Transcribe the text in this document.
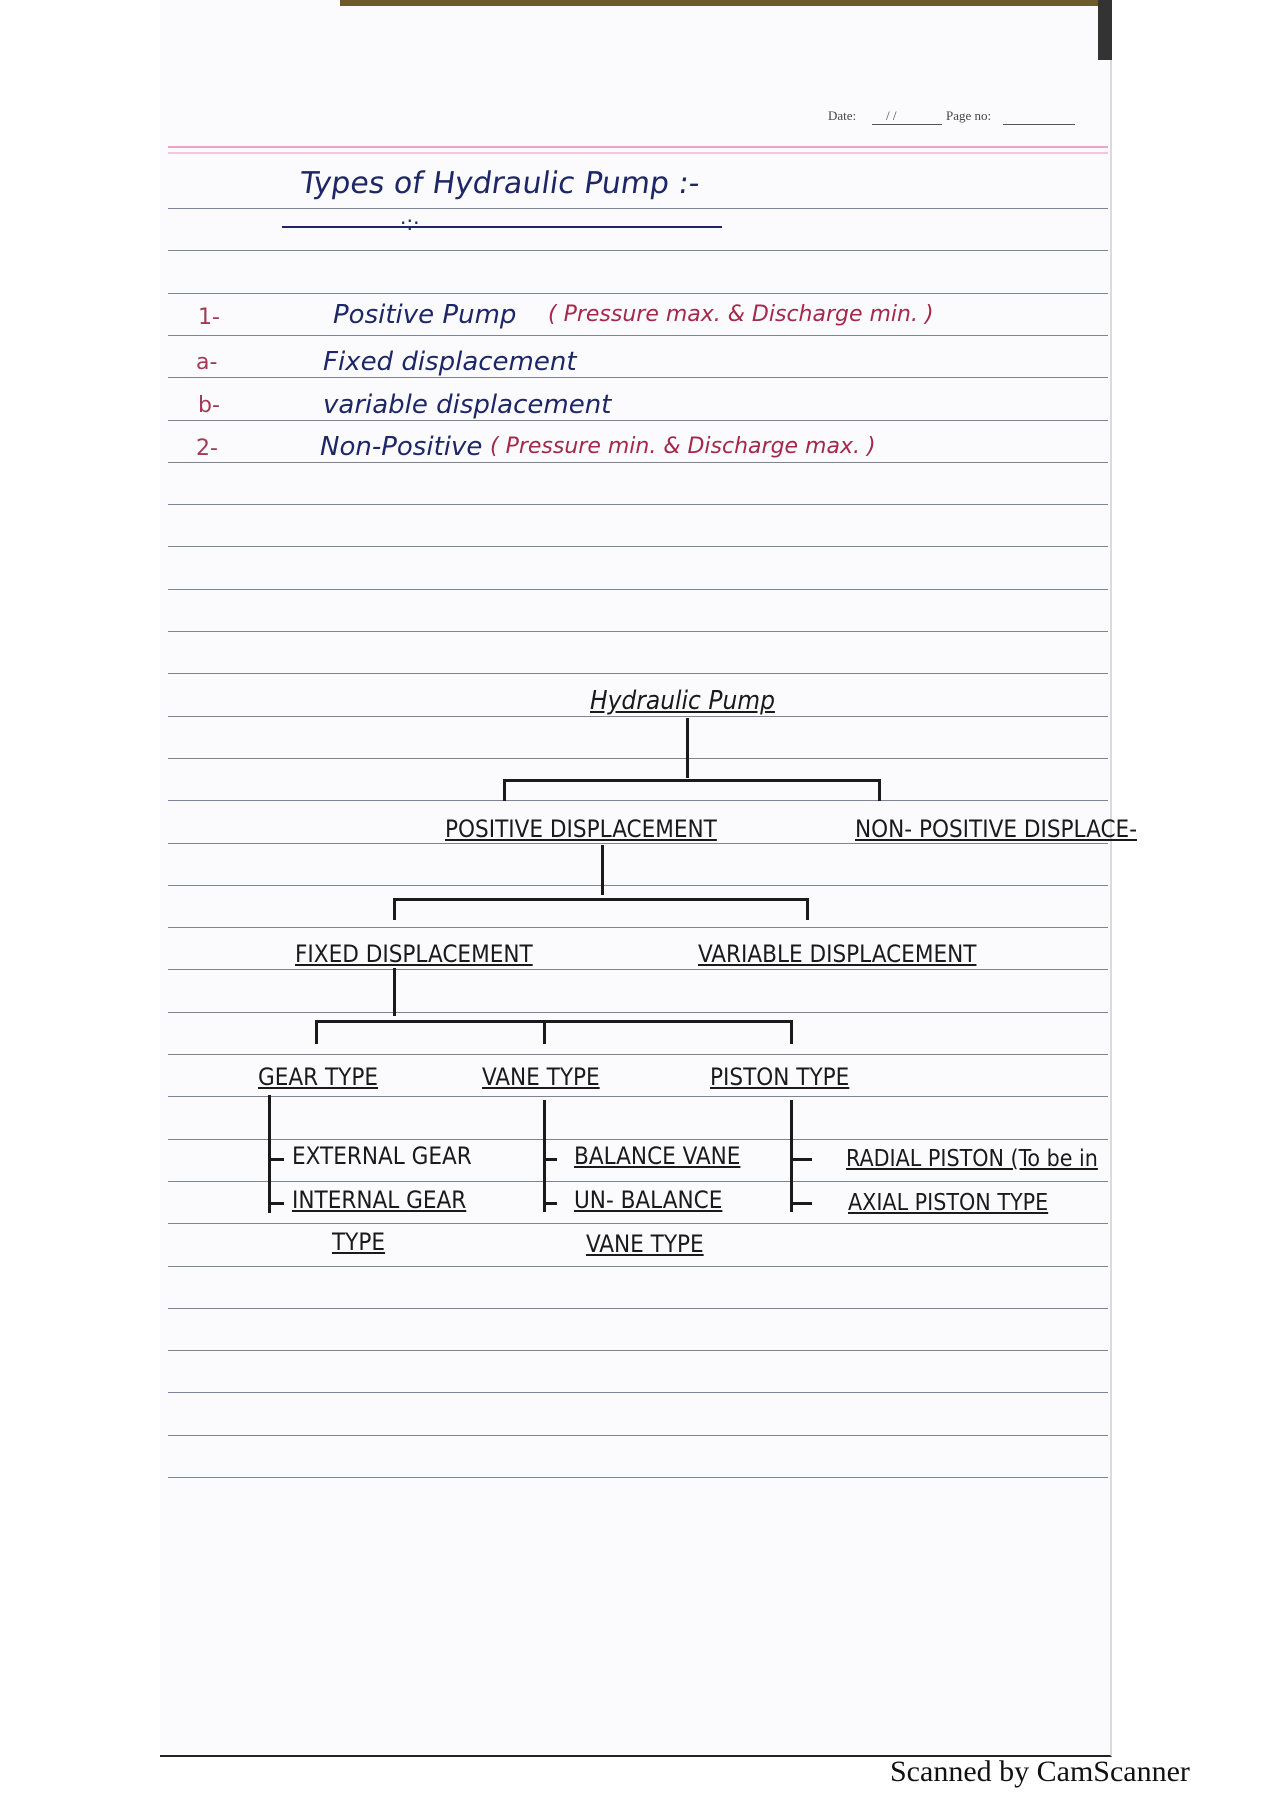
Date: / /	Page no:
Types of Hydraulic Pump :-
·:·
1-	Positive Pump ( Pressure max. & Discharge min. )
a-	Fixed displacement
b-	variable displacement
2-	Non-Positive ( Pressure min. & Discharge max. )
Hydraulic Pump
POSITIVE DISPLACEMENT	NON- POSITIVE DISPLACE-
FIXED DISPLACEMENT	VARIABLE DISPLACEMENT
GEAR TYPE	VANE TYPE	PISTON TYPE
EXTERNAL GEAR
INTERNAL GEAR
TYPE
BALANCE VANE
UN- BALANCE
VANE TYPE
RADIAL PISTON (To be in
AXIAL PISTON TYPE
Scanned by CamScanner
